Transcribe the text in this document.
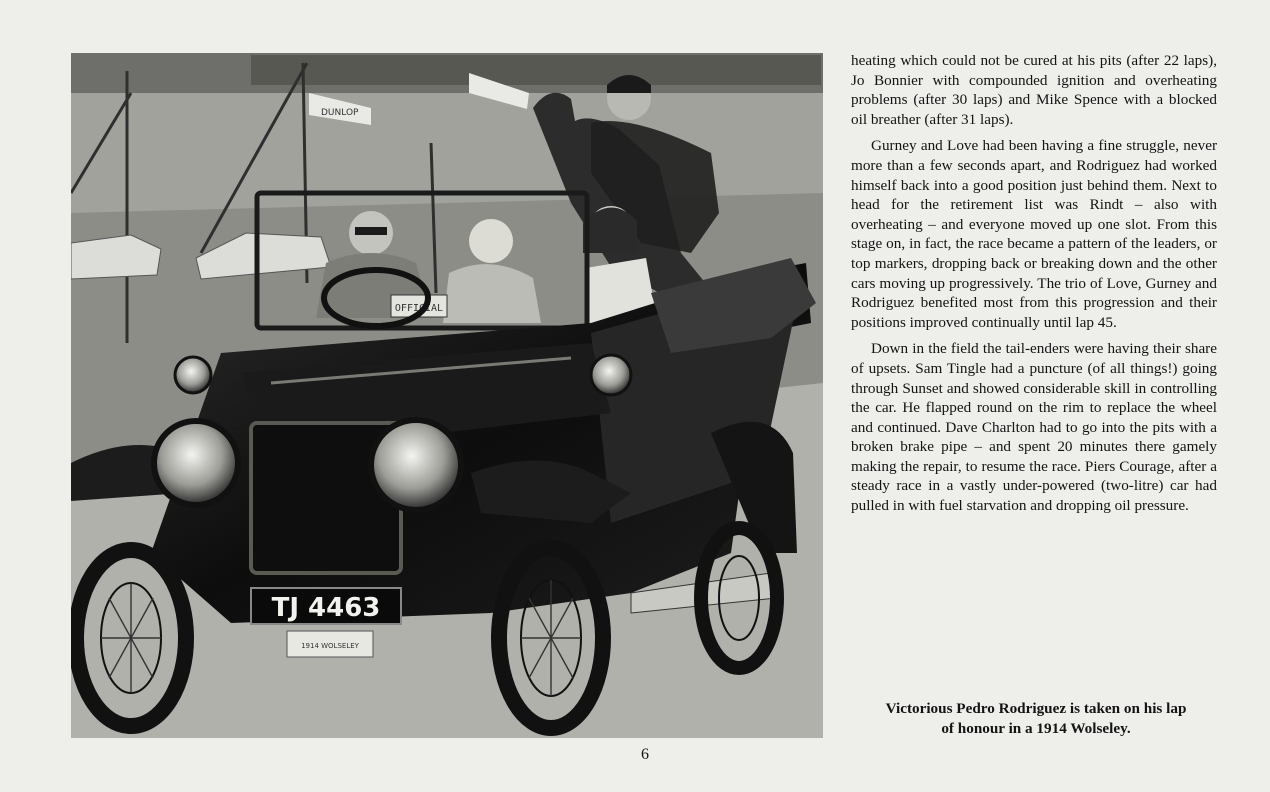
DUNLOP
OFFICIAL
TJ 4463
1914 WOLSELEY

heating which could not be cured at his pits (after 22 laps), Jo Bonnier with compounded ignition and overheating problems (after 30 laps) and Mike Spence with a blocked oil breather (after 31 laps).

Gurney and Love had been having a fine struggle, never more than a few seconds apart, and Rodriguez had worked himself back into a good position just behind them. Next to head for the retirement list was Rindt – also with overheating – and everyone moved up one slot. From this stage on, in fact, the race became a pattern of the leaders, or top markers, dropping back or breaking down and the other cars moving up progressively. The trio of Love, Gurney and Rodriguez benefited most from this progression and their positions improved continually until lap 45.

Down in the field the tail-enders were having their share of upsets. Sam Tingle had a puncture (of all things!) going through Sunset and showed considerable skill in controlling the car. He flapped round on the rim to replace the wheel and continued. Dave Charlton had to go into the pits with a broken brake pipe – and spent 20 minutes there gamely making the repair, to resume the race. Piers Courage, after a steady race in a vastly under-powered (two-litre) car had pulled in with fuel starvation and dropping oil pressure.

Victorious Pedro Rodriguez is taken on his lap
of honour in a 1914 Wolseley.
6
